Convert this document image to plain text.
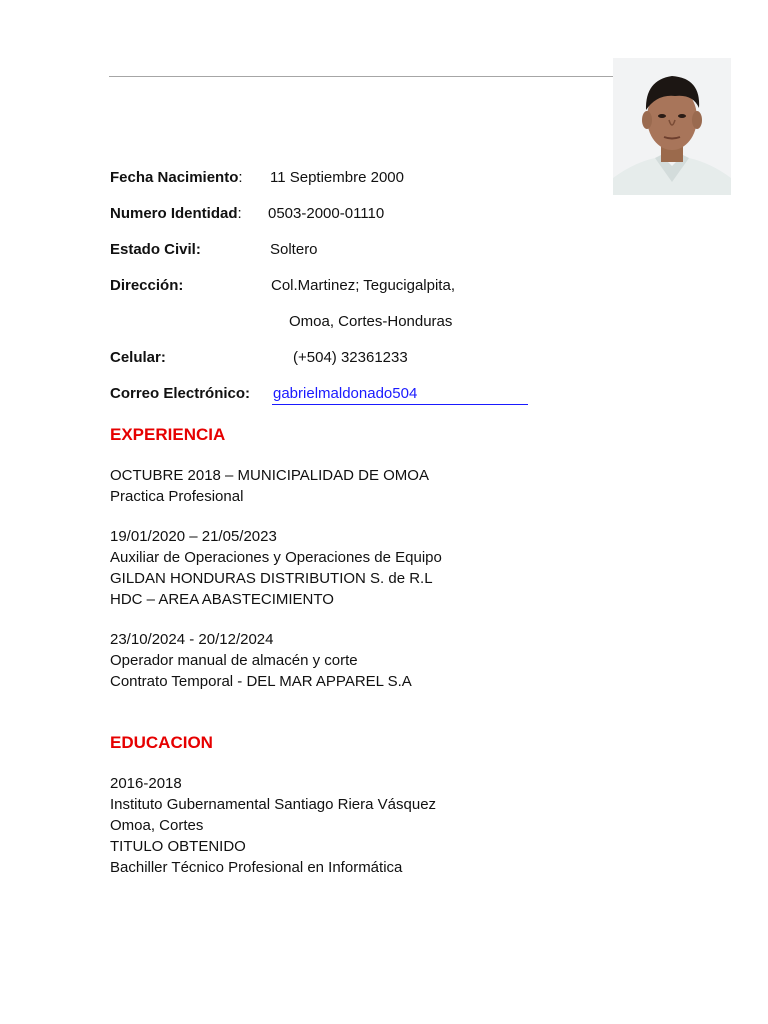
Fecha Nacimiento: 11 Septiembre 2000
Numero Identidad: 0503-2000-01110
Estado Civil:	Soltero
Dirección:	Col.Martinez; Tegucigalpita,
Omoa, Cortes-Honduras
Celular:	(+504) 32361233
Correo Electrónico: gabrielmaldonado504
EXPERIENCIA
OCTUBRE 2018 – MUNICIPALIDAD DE OMOA
Practica Profesional
19/01/2020 – 21/05/2023
Auxiliar de Operaciones y Operaciones de Equipo
GILDAN HONDURAS DISTRIBUTION S. de R.L
HDC – AREA ABASTECIMIENTO
23/10/2024 - 20/12/2024
Operador manual de almacén y corte
Contrato Temporal - DEL MAR APPAREL S.A
EDUCACION
2016-2018
Instituto Gubernamental Santiago Riera Vásquez
Omoa, Cortes
TITULO OBTENIDO
Bachiller Técnico Profesional en Informática
